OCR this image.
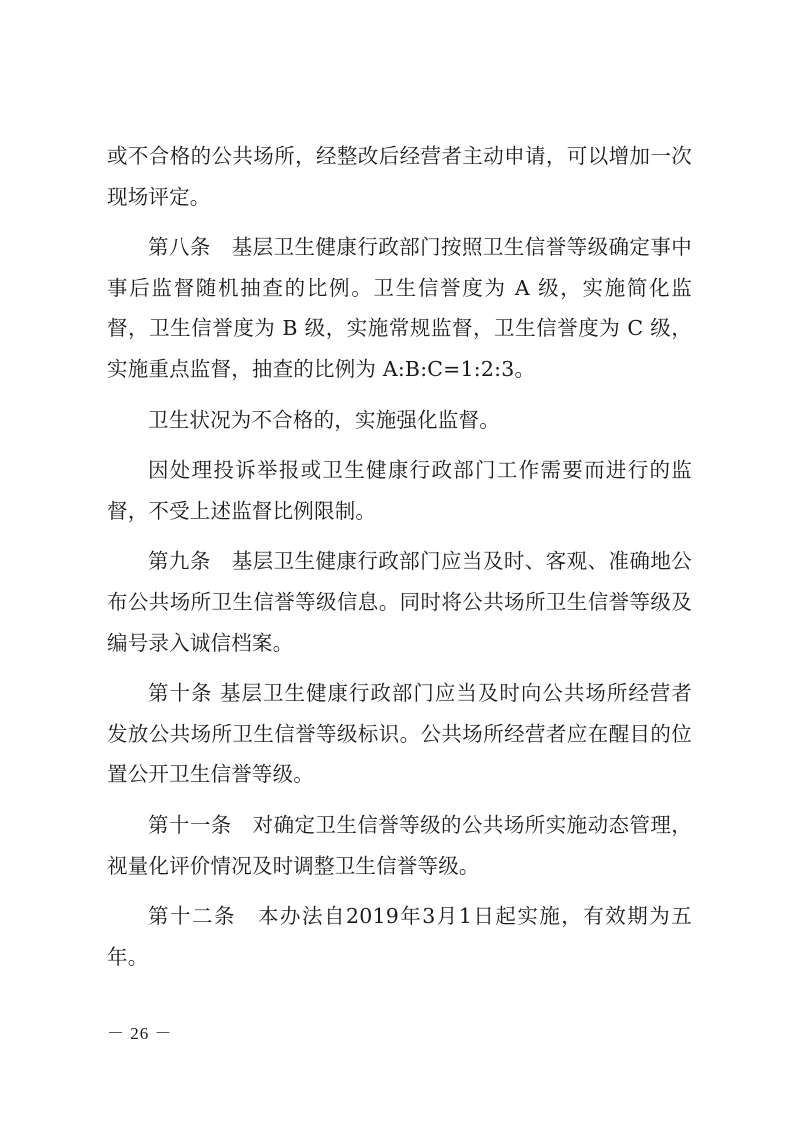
或不合格的公共场所，经整改后经营者主动申请，可以增加一次现场评定。

第八条　基层卫生健康行政部门按照卫生信誉等级确定事中事后监督随机抽查的比例。卫生信誉度为 A 级，实施简化监督，卫生信誉度为 B 级，实施常规监督，卫生信誉度为 C 级，实施重点监督，抽查的比例为 A:B:C=1:2:3。

卫生状况为不合格的，实施强化监督。

因处理投诉举报或卫生健康行政部门工作需要而进行的监督，不受上述监督比例限制。

第九条　基层卫生健康行政部门应当及时、客观、准确地公布公共场所卫生信誉等级信息。同时将公共场所卫生信誉等级及编号录入诚信档案。

第十条 基层卫生健康行政部门应当及时向公共场所经营者发放公共场所卫生信誉等级标识。公共场所经营者应在醒目的位置公开卫生信誉等级。

第十一条　对确定卫生信誉等级的公共场所实施动态管理，视量化评价情况及时调整卫生信誉等级。

第十二条　本办法自2019年3月1日起实施，有效期为五年。

－ 26 －
